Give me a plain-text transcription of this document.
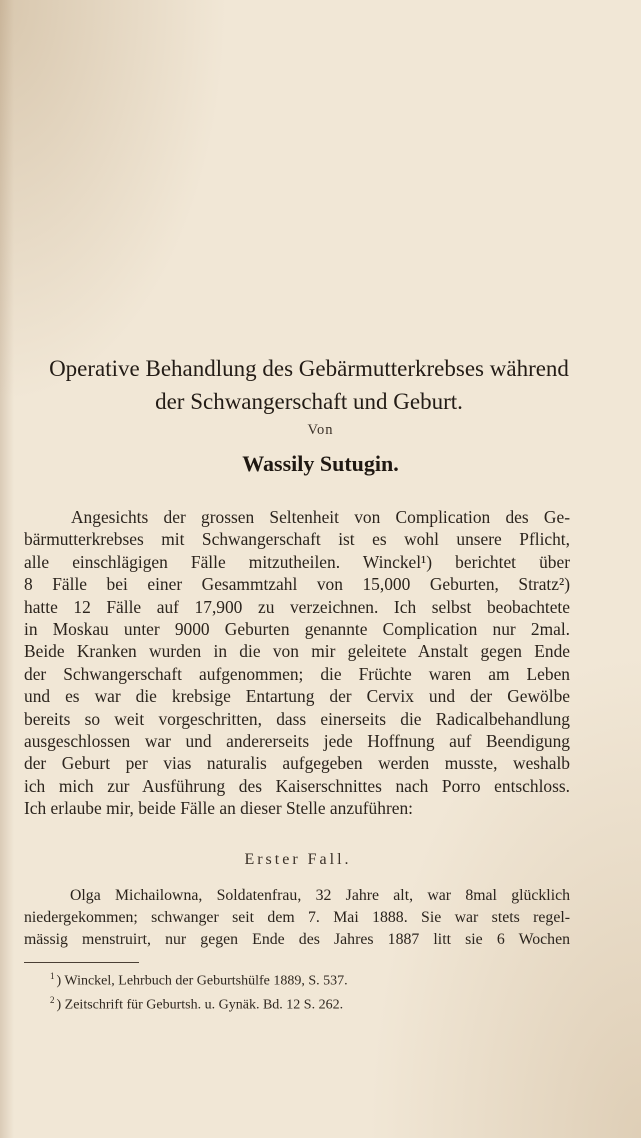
Operative Behandlung des Gebärmutterkrebses während
der Schwangerschaft und Geburt.
Von
Wassily Sutugin.
Angesichts der grossen Seltenheit von Complication des Ge-
bärmutterkrebses mit Schwangerschaft ist es wohl unsere Pflicht,
alle einschlägigen Fälle mitzutheilen. Winckel¹) berichtet über
8 Fälle bei einer Gesammtzahl von 15,000 Geburten, Stratz²)
hatte 12 Fälle auf 17,900 zu verzeichnen. Ich selbst beobachtete
in Moskau unter 9000 Geburten genannte Complication nur 2mal.
Beide Kranken wurden in die von mir geleitete Anstalt gegen Ende
der Schwangerschaft aufgenommen; die Früchte waren am Leben
und es war die krebsige Entartung der Cervix und der Gewölbe
bereits so weit vorgeschritten, dass einerseits die Radicalbehandlung
ausgeschlossen war und andererseits jede Hoffnung auf Beendigung
der Geburt per vias naturalis aufgegeben werden musste, weshalb
ich mich zur Ausführung des Kaiserschnittes nach Porro entschloss.
Ich erlaube mir, beide Fälle an dieser Stelle anzuführen:
Erster Fall.
Olga Michailowna, Soldatenfrau, 32 Jahre alt, war 8mal glücklich
niedergekommen; schwanger seit dem 7. Mai 1888. Sie war stets regel-
mässig menstruirt, nur gegen Ende des Jahres 1887 litt sie 6 Wochen
$^1$ ) Winckel, Lehrbuch der Geburtshülfe 1889, S. 537.
$^2$ ) Zeitschrift für Geburtsh. u. Gynäk. Bd. 12 S. 262.
